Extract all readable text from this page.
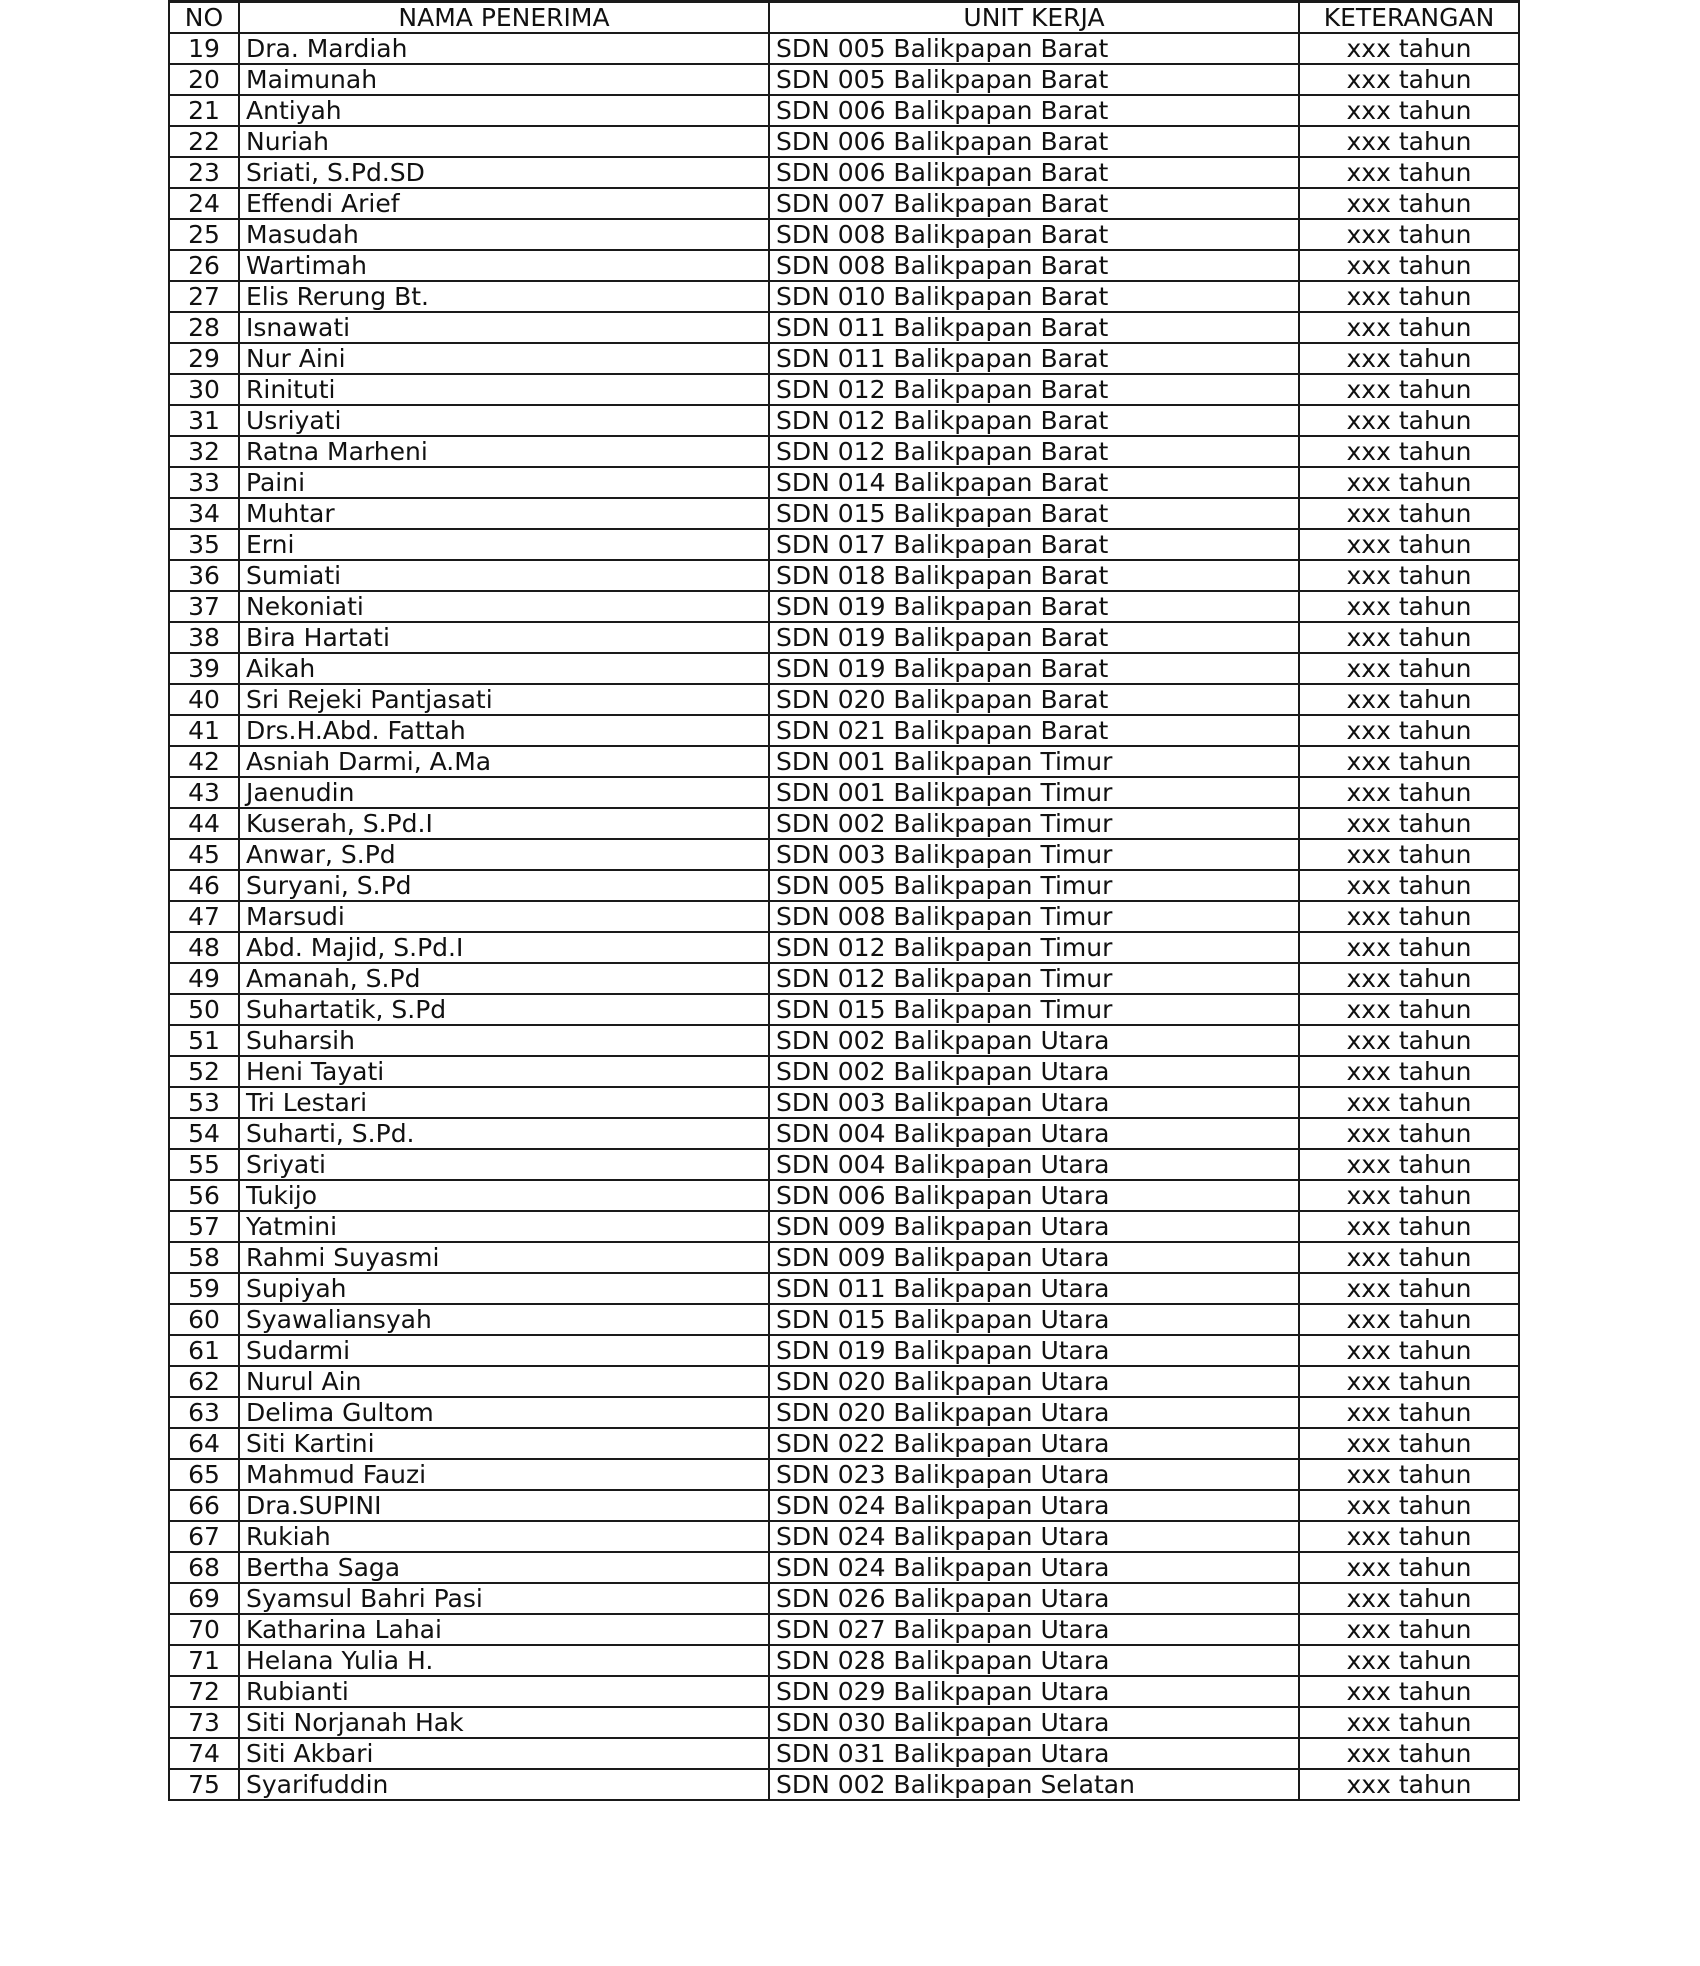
NO	NAMA PENERIMA	UNIT KERJA	KETERANGAN
19	Dra. Mardiah	SDN 005 Balikpapan Barat	xxx tahun
20	Maimunah	SDN 005 Balikpapan Barat	xxx tahun
21	Antiyah	SDN 006 Balikpapan Barat	xxx tahun
22	Nuriah	SDN 006 Balikpapan Barat	xxx tahun
23	Sriati, S.Pd.SD	SDN 006 Balikpapan Barat	xxx tahun
24	Effendi Arief	SDN 007 Balikpapan Barat	xxx tahun
25	Masudah	SDN 008 Balikpapan Barat	xxx tahun
26	Wartimah	SDN 008 Balikpapan Barat	xxx tahun
27	Elis Rerung Bt.	SDN 010 Balikpapan Barat	xxx tahun
28	Isnawati	SDN 011 Balikpapan Barat	xxx tahun
29	Nur Aini	SDN 011 Balikpapan Barat	xxx tahun
30	Rinituti	SDN 012 Balikpapan Barat	xxx tahun
31	Usriyati	SDN 012 Balikpapan Barat	xxx tahun
32	Ratna Marheni	SDN 012 Balikpapan Barat	xxx tahun
33	Paini	SDN 014 Balikpapan Barat	xxx tahun
34	Muhtar	SDN 015 Balikpapan Barat	xxx tahun
35	Erni	SDN 017 Balikpapan Barat	xxx tahun
36	Sumiati	SDN 018 Balikpapan Barat	xxx tahun
37	Nekoniati	SDN 019 Balikpapan Barat	xxx tahun
38	Bira Hartati	SDN 019 Balikpapan Barat	xxx tahun
39	Aikah	SDN 019 Balikpapan Barat	xxx tahun
40	Sri Rejeki Pantjasati	SDN 020 Balikpapan Barat	xxx tahun
41	Drs.H.Abd. Fattah	SDN 021 Balikpapan Barat	xxx tahun
42	Asniah Darmi, A.Ma	SDN 001 Balikpapan Timur	xxx tahun
43	Jaenudin	SDN 001 Balikpapan Timur	xxx tahun
44	Kuserah, S.Pd.I	SDN 002 Balikpapan Timur	xxx tahun
45	Anwar, S.Pd	SDN 003 Balikpapan Timur	xxx tahun
46	Suryani, S.Pd	SDN 005 Balikpapan Timur	xxx tahun
47	Marsudi	SDN 008 Balikpapan Timur	xxx tahun
48	Abd. Majid, S.Pd.I	SDN 012 Balikpapan Timur	xxx tahun
49	Amanah, S.Pd	SDN 012 Balikpapan Timur	xxx tahun
50	Suhartatik, S.Pd	SDN 015 Balikpapan Timur	xxx tahun
51	Suharsih	SDN 002 Balikpapan Utara	xxx tahun
52	Heni Tayati	SDN 002 Balikpapan Utara	xxx tahun
53	Tri Lestari	SDN 003 Balikpapan Utara	xxx tahun
54	Suharti, S.Pd.	SDN 004 Balikpapan Utara	xxx tahun
55	Sriyati	SDN 004 Balikpapan Utara	xxx tahun
56	Tukijo	SDN 006 Balikpapan Utara	xxx tahun
57	Yatmini	SDN 009 Balikpapan Utara	xxx tahun
58	Rahmi Suyasmi	SDN 009 Balikpapan Utara	xxx tahun
59	Supiyah	SDN 011 Balikpapan Utara	xxx tahun
60	Syawaliansyah	SDN 015 Balikpapan Utara	xxx tahun
61	Sudarmi	SDN 019 Balikpapan Utara	xxx tahun
62	Nurul Ain	SDN 020 Balikpapan Utara	xxx tahun
63	Delima Gultom	SDN 020 Balikpapan Utara	xxx tahun
64	Siti Kartini	SDN 022 Balikpapan Utara	xxx tahun
65	Mahmud Fauzi	SDN 023 Balikpapan Utara	xxx tahun
66	Dra.SUPINI	SDN 024 Balikpapan Utara	xxx tahun
67	Rukiah	SDN 024 Balikpapan Utara	xxx tahun
68	Bertha Saga	SDN 024 Balikpapan Utara	xxx tahun
69	Syamsul Bahri Pasi	SDN 026 Balikpapan Utara	xxx tahun
70	Katharina Lahai	SDN 027 Balikpapan Utara	xxx tahun
71	Helana Yulia H.	SDN 028 Balikpapan Utara	xxx tahun
72	Rubianti	SDN 029 Balikpapan Utara	xxx tahun
73	Siti Norjanah Hak	SDN 030 Balikpapan Utara	xxx tahun
74	Siti Akbari	SDN 031 Balikpapan Utara	xxx tahun
75	Syarifuddin	SDN 002 Balikpapan Selatan	xxx tahun
